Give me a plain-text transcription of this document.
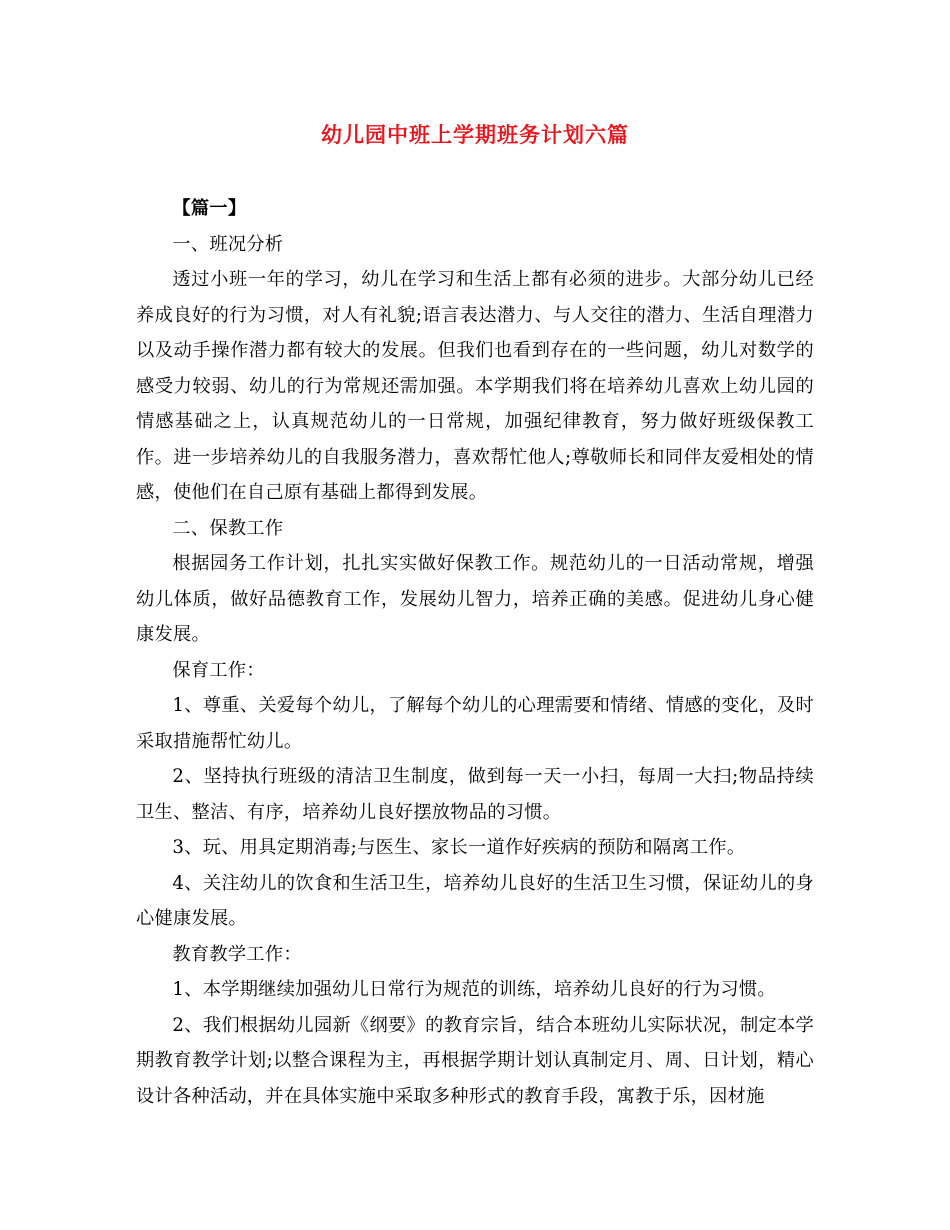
幼儿园中班上学期班务计划六篇

【篇一】

一、班况分析

透过小班一年的学习，幼儿在学习和生活上都有必须的进步。大部分幼儿已经养成良好的行为习惯，对人有礼貌;语言表达潜力、与人交往的潜力、生活自理潜力以及动手操作潜力都有较大的发展。但我们也看到存在的一些问题，幼儿对数学的感受力较弱、幼儿的行为常规还需加强。本学期我们将在培养幼儿喜欢上幼儿园的情感基础之上，认真规范幼儿的一日常规，加强纪律教育，努力做好班级保教工作。进一步培养幼儿的自我服务潜力，喜欢帮忙他人;尊敬师长和同伴友爱相处的情感，使他们在自己原有基础上都得到发展。

二、保教工作

根据园务工作计划，扎扎实实做好保教工作。规范幼儿的一日活动常规，增强幼儿体质，做好品德教育工作，发展幼儿智力，培养正确的美感。促进幼儿身心健康发展。

保育工作：

1、尊重、关爱每个幼儿，了解每个幼儿的心理需要和情绪、情感的变化，及时采取措施帮忙幼儿。

2、坚持执行班级的清洁卫生制度，做到每一天一小扫，每周一大扫;物品持续卫生、整洁、有序，培养幼儿良好摆放物品的习惯。

3、玩、用具定期消毒;与医生、家长一道作好疾病的预防和隔离工作。

4、关注幼儿的饮食和生活卫生，培养幼儿良好的生活卫生习惯，保证幼儿的身心健康发展。

教育教学工作：

1、本学期继续加强幼儿日常行为规范的训练，培养幼儿良好的行为习惯。

2、我们根据幼儿园新《纲要》的教育宗旨，结合本班幼儿实际状况，制定本学期教育教学计划;以整合课程为主，再根据学期计划认真制定月、周、日计划，精心设计各种活动，并在具体实施中采取多种形式的教育手段，寓教于乐，因材施
